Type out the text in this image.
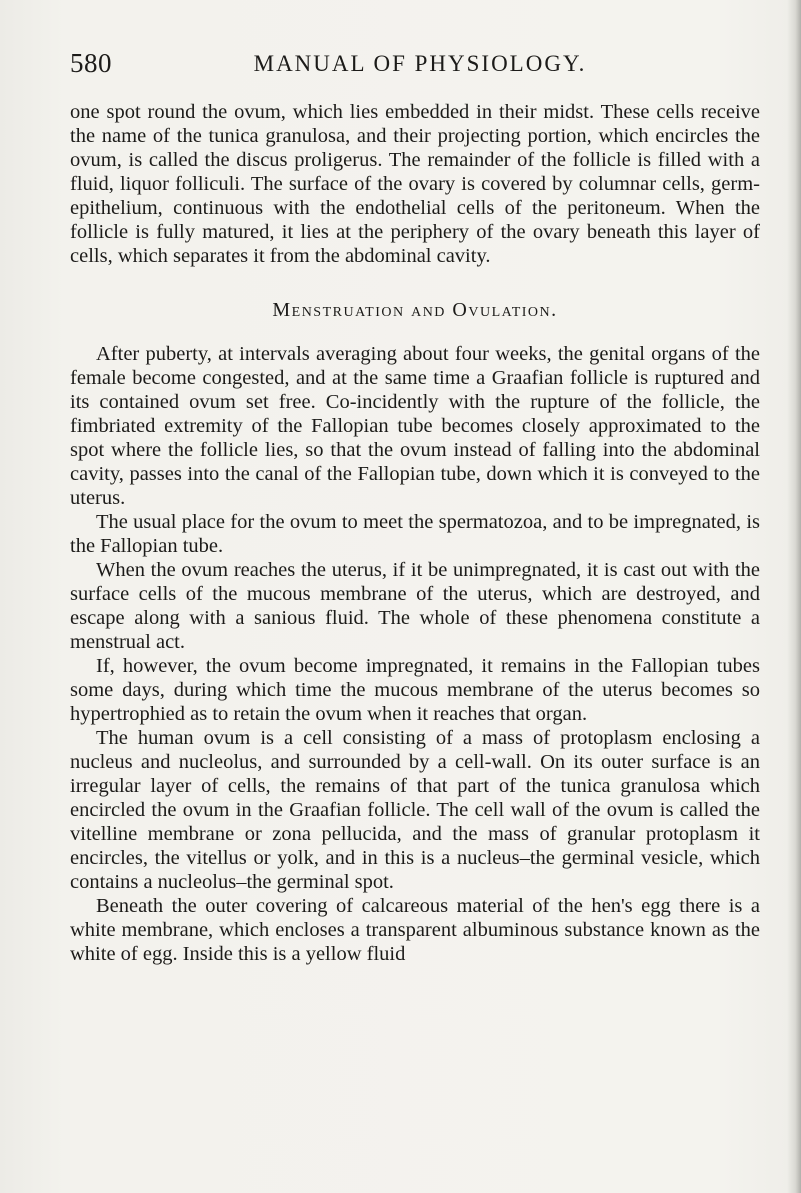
580	MANUAL OF PHYSIOLOGY.

one spot round the ovum, which lies embedded in their midst. These cells receive the name of the tunica granulosa, and their projecting portion, which encircles the ovum, is called the discus proligerus. The remainder of the follicle is filled with a fluid, liquor folliculi. The surface of the ovary is covered by columnar cells, germ-epithelium, continuous with the endothelial cells of the peritoneum. When the follicle is fully matured, it lies at the periphery of the ovary beneath this layer of cells, which separates it from the abdominal cavity.

Menstruation and Ovulation.

After puberty, at intervals averaging about four weeks, the genital organs of the female become congested, and at the same time a Graafian follicle is ruptured and its contained ovum set free. Co-incidently with the rupture of the follicle, the fimbriated extremity of the Fallopian tube becomes closely approximated to the spot where the follicle lies, so that the ovum instead of falling into the abdominal cavity, passes into the canal of the Fallopian tube, down which it is conveyed to the uterus.

The usual place for the ovum to meet the spermatozoa, and to be impregnated, is the Fallopian tube.

When the ovum reaches the uterus, if it be unimpregnated, it is cast out with the surface cells of the mucous membrane of the uterus, which are destroyed, and escape along with a sanious fluid. The whole of these phenomena constitute a menstrual act.

If, however, the ovum become impregnated, it remains in the Fallopian tubes some days, during which time the mucous membrane of the uterus becomes so hypertrophied as to retain the ovum when it reaches that organ.

The human ovum is a cell consisting of a mass of protoplasm enclosing a nucleus and nucleolus, and surrounded by a cell-wall. On its outer surface is an irregular layer of cells, the remains of that part of the tunica granulosa which encircled the ovum in the Graafian follicle. The cell wall of the ovum is called the vitelline membrane or zona pellucida, and the mass of granular protoplasm it encircles, the vitellus or yolk, and in this is a nucleus–the germinal vesicle, which contains a nucleolus–the germinal spot.

Beneath the outer covering of calcareous material of the hen's egg there is a white membrane, which encloses a transparent albuminous substance known as the white of egg. Inside this is a yellow fluid
